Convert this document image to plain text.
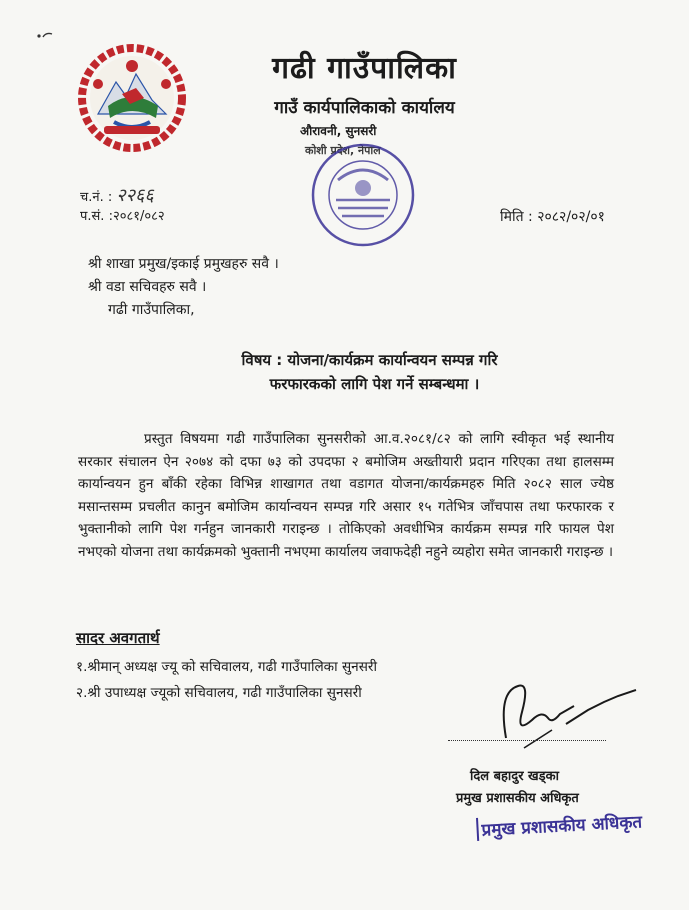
गढी गाउँपालिका
गाउँ कार्यपालिकाको कार्यालय
औरावनी, सुनसरी
कोशी प्रदेश, नेपाल
च.नं. : २२६६
प.सं. :२०८१/०८२	मिति : २०८२/०२/०१
श्री शाखा प्रमुख/इकाई प्रमुखहरु सवै ।
श्री वडा सचिवहरु सवै ।
गढी गाउँपालिका,
विषय : योजना/कार्यक्रम कार्यान्वयन सम्पन्न गरि
फरफारकको लागि पेश गर्ने सम्बन्धमा ।

प्रस्तुत विषयमा गढी गाउँपालिका सुनसरीको आ.व.२०८१/८२ को लागि स्वीकृत भई स्थानीय सरकार संचालन ऐन २०७४ को दफा ७३ को उपदफा २ बमोजिम अख्तीयारी प्रदान गरिएका तथा हालसम्म कार्यान्वयन हुन बाँकी रहेका विभिन्न शाखागत तथा वडागत योजना/कार्यक्रमहरु मिति २०८२ साल ज्येष्ठ मसान्तसम्म प्रचलीत कानुन बमोजिम कार्यान्वयन सम्पन्न गरि असार १५ गतेभित्र जाँचपास तथा फरफारक र भुक्तानीको लागि पेश गर्नहुन जानकारी गराइन्छ । तोकिएको अवधीभित्र कार्यक्रम सम्पन्न गरि फायल पेश नभएको योजना तथा कार्यक्रमको भुक्तानी नभएमा कार्यालय जवाफदेही नहुने व्यहोरा समेत जानकारी गराइन्छ ।

सादर अवगतार्थ
१.श्रीमान् अध्यक्ष ज्यू को सचिवालय, गढी गाउँपालिका सुनसरी
२.श्री उपाध्यक्ष ज्यूको सचिवालय, गढी गाउँपालिका सुनसरी
दिल बहादुर खड्का
प्रमुख प्रशासकीय अधिकृत
प्रमुख प्रशासकीय अधिकृत
